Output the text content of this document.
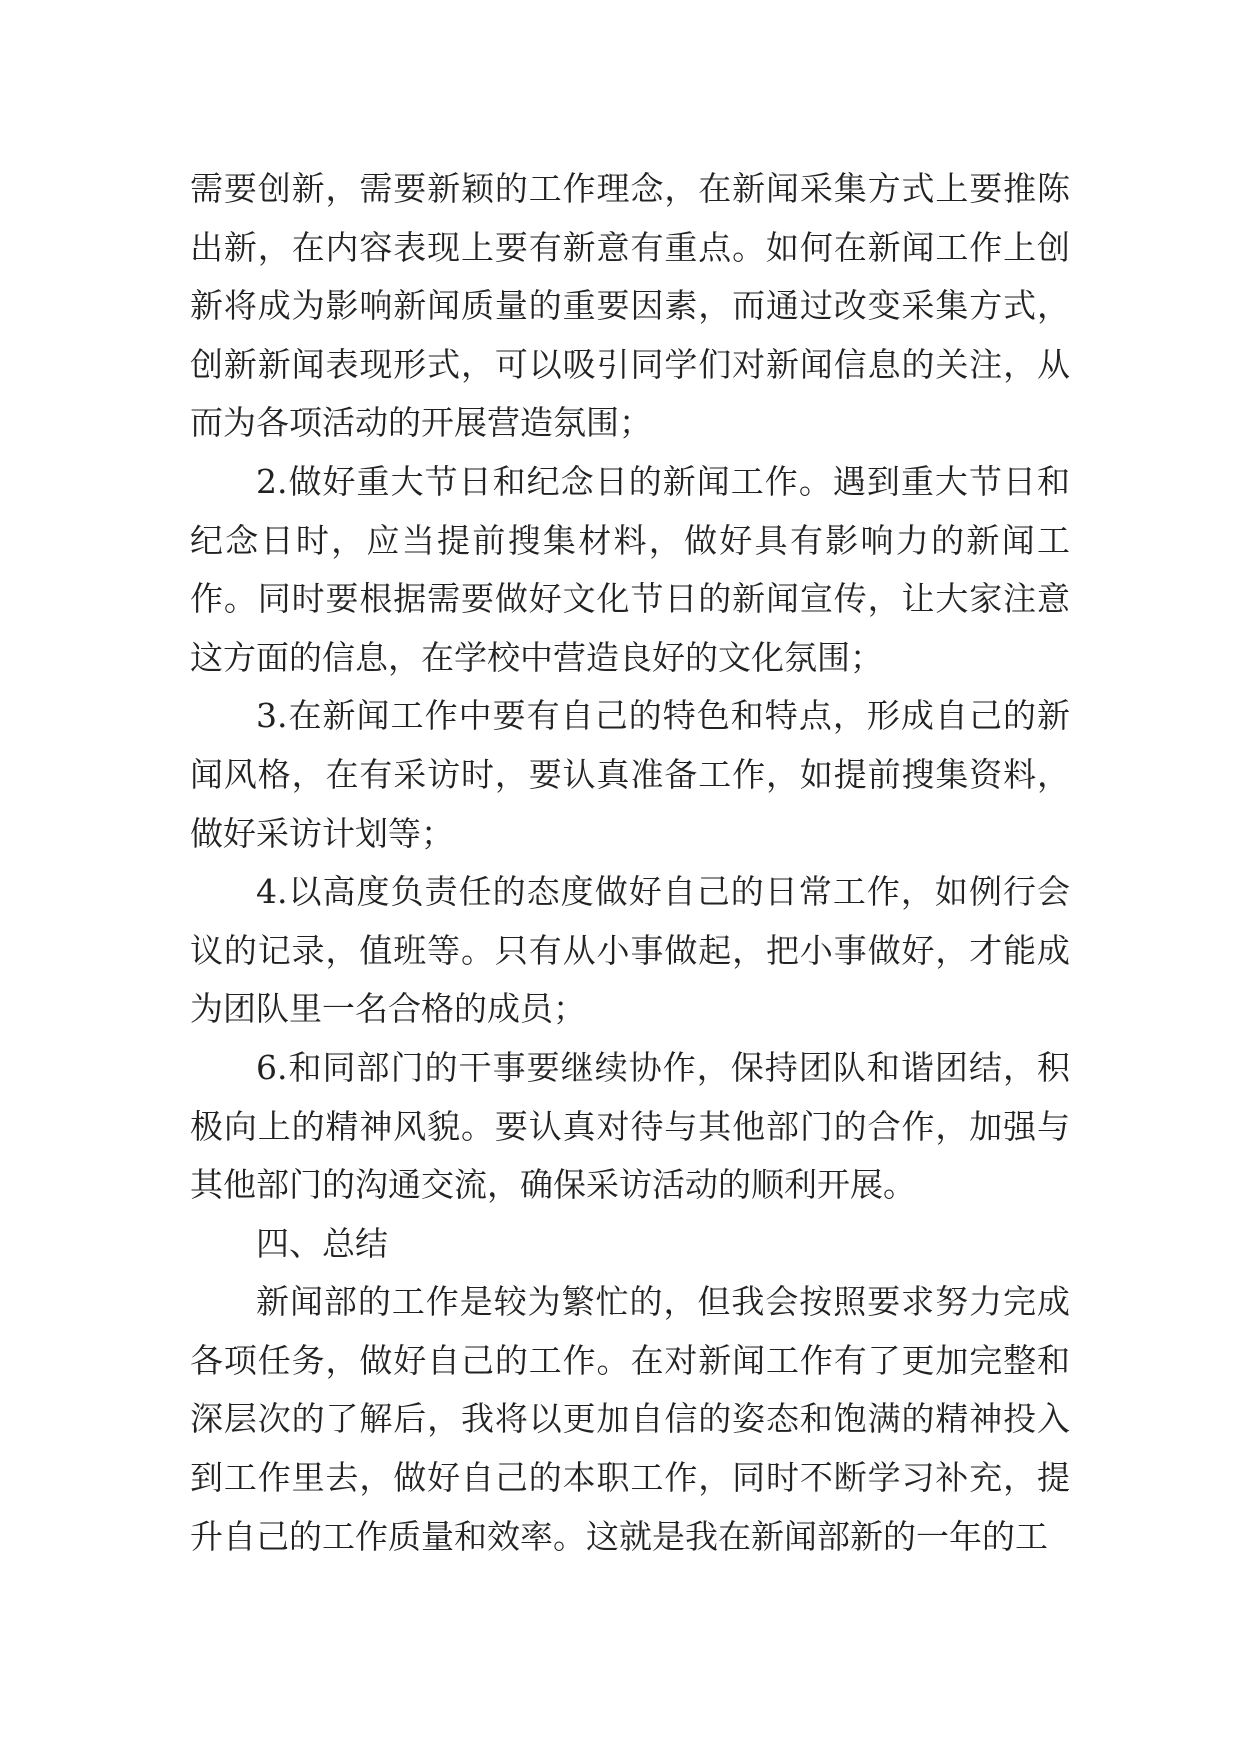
需要创新，需要新颖的工作理念，在新闻采集方式上要推陈出新，在内容表现上要有新意有重点。如何在新闻工作上创新将成为影响新闻质量的重要因素，而通过改变采集方式，创新新闻表现形式，可以吸引同学们对新闻信息的关注，从而为各项活动的开展营造氛围；

2.做好重大节日和纪念日的新闻工作。遇到重大节日和纪念日时，应当提前搜集材料，做好具有影响力的新闻工作。同时要根据需要做好文化节日的新闻宣传，让大家注意这方面的信息，在学校中营造良好的文化氛围；

3.在新闻工作中要有自己的特色和特点，形成自己的新闻风格，在有采访时，要认真准备工作，如提前搜集资料，做好采访计划等；

4.以高度负责任的态度做好自己的日常工作，如例行会议的记录，值班等。只有从小事做起，把小事做好，才能成为团队里一名合格的成员；

6.和同部门的干事要继续协作，保持团队和谐团结，积极向上的精神风貌。要认真对待与其他部门的合作，加强与其他部门的沟通交流，确保采访活动的顺利开展。

四、总结

新闻部的工作是较为繁忙的，但我会按照要求努力完成各项任务，做好自己的工作。在对新闻工作有了更加完整和深层次的了解后，我将以更加自信的姿态和饱满的精神投入到工作里去，做好自己的本职工作，同时不断学习补充，提升自己的工作质量和效率。这就是我在新闻部新的一年的工
